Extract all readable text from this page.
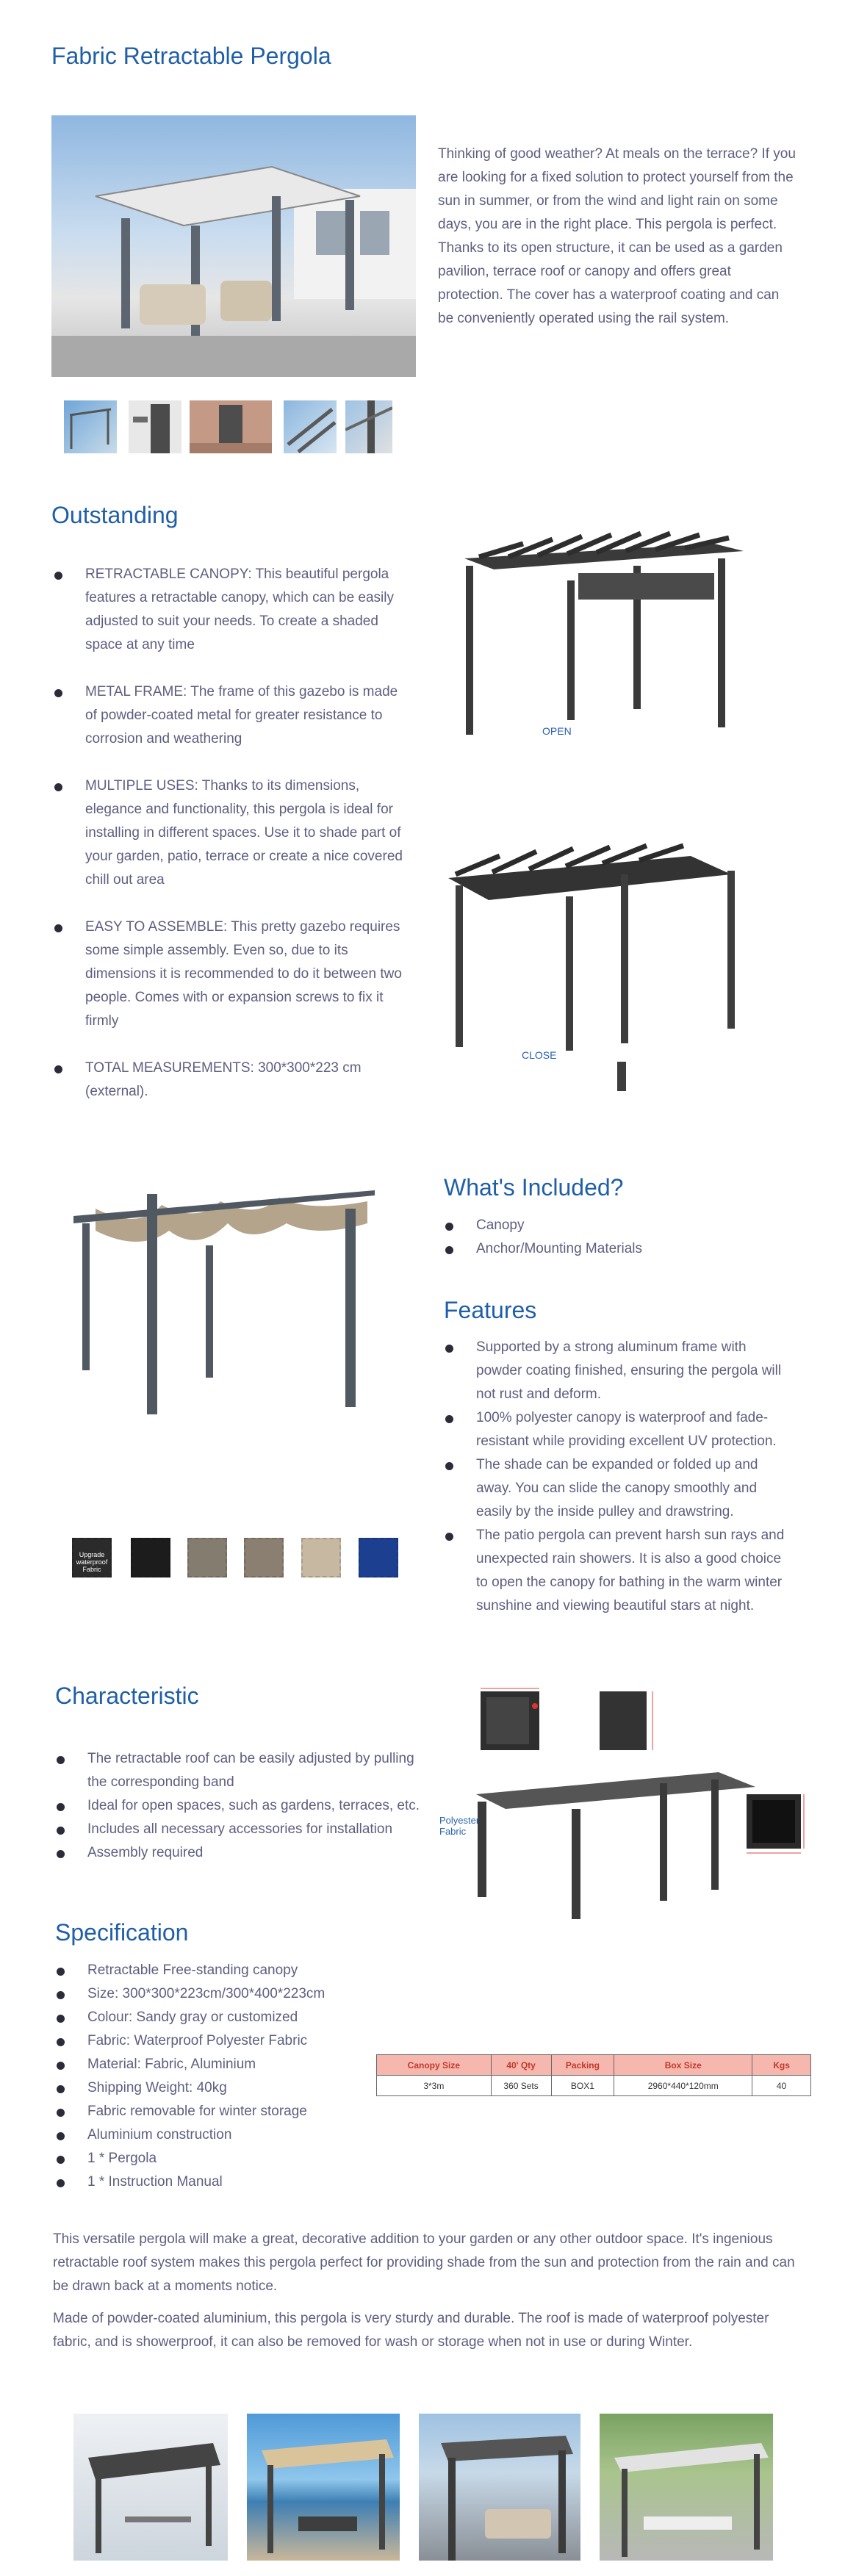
Fabric Retractable Pergola

Thinking of good weather? At meals on the terrace? If you are looking for a fixed solution to protect yourself from the sun in summer, or from the wind and light rain on some days, you are in the right place. This pergola is perfect. Thanks to its open structure, it can be used as a garden pavilion, terrace roof or canopy and offers great protection. The cover has a waterproof coating and can be conveniently operated using the rail system.

Outstanding
RETRACTABLE CANOPY: This beautiful pergola features a retractable canopy, which can be easily adjusted to suit your needs. To create a shaded space at any time
METAL FRAME: The frame of this gazebo is made of powder-coated metal for greater resistance to corrosion and weathering
MULTIPLE USES: Thanks to its dimensions, elegance and functionality, this pergola is ideal for installing in different spaces. Use it to shade part of your garden, patio, terrace or create a nice covered chill out area
EASY TO ASSEMBLE: This pretty gazebo requires some simple assembly. Even so, due to its dimensions it is recommended to do it between two people. Comes with or expansion screws to fix it firmly
TOTAL MEASUREMENTS: 300*300*223 cm (external).
OPEN
CLOSE
Upgrade waterproof Fabric
What's Included?
Canopy
Anchor/Mounting Materials
Features
Supported by a strong aluminum frame with powder coating finished, ensuring the pergola will not rust and deform.
100% polyester canopy is waterproof and fade-resistant while providing excellent UV protection.
The shade can be expanded or folded up and away. You can slide the canopy smoothly and easily by the inside pulley and drawstring.
The patio pergola can prevent harsh sun rays and unexpected rain showers. It is also a good choice to open the canopy for bathing in the warm winter sunshine and viewing beautiful stars at night.
Characteristic
The retractable roof can be easily adjusted by pulling the corresponding band
Ideal for open spaces, such as gardens, terraces, etc.
Includes all necessary accessories for installation
Assembly required
Polyester Fabric
Specification
Retractable Free-standing canopy
Size: 300*300*223cm/300*400*223cm
Colour: Sandy gray or customized
Fabric: Waterproof Polyester Fabric
Material: Fabric, Aluminium
Shipping Weight: 40kg
Fabric removable for winter storage
Aluminium construction
1 * Pergola
1 * Instruction Manual
Canopy Size	40' Qty	Packing	Box Size	Kgs
3*3m	360 Sets	BOX1	2960*440*120mm	40

This versatile pergola will make a great, decorative addition to your garden or any other outdoor space. It's ingenious retractable roof system makes this pergola perfect for providing shade from the sun and protection from the rain and can be drawn back at a moments notice.

Made of powder-coated aluminium, this pergola is very sturdy and durable. The roof is made of waterproof polyester fabric, and is showerproof, it can also be removed for wash or storage when not in use or during Winter.
